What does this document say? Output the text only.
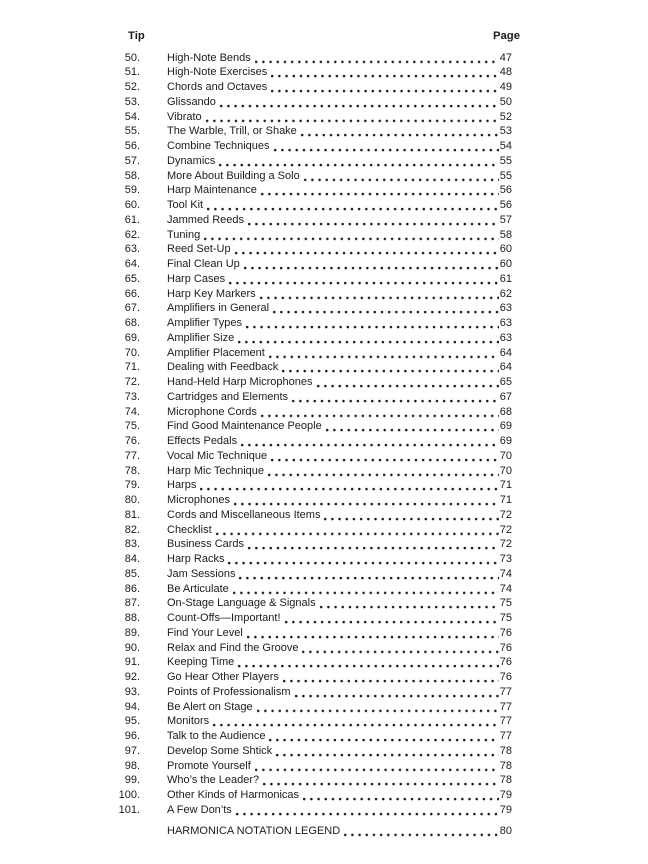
Tip	Page
50. High-Note Bends	47
51. High-Note Exercises	48
52. Chords and Octaves	49
53. Glissando	50
54. Vibrato	52
55. The Warble, Trill, or Shake	53
56. Combine Techniques	54
57. Dynamics	55
58. More About Building a Solo	55
59. Harp Maintenance	56
60. Tool Kit	56
61. Jammed Reeds	57
62. Tuning	58
63. Reed Set-Up	60
64. Final Clean Up	60
65. Harp Cases	61
66. Harp Key Markers	62
67. Amplifiers in General	63
68. Amplifier Types	63
69. Amplifier Size	63
70. Amplifier Placement	64
71. Dealing with Feedback	64
72. Hand-Held Harp Microphones	65
73. Cartridges and Elements	67
74. Microphone Cords	68
75. Find Good Maintenance People	69
76. Effects Pedals	69
77. Vocal Mic Technique	70
78. Harp Mic Technique	70
79. Harps	71
80. Microphones	71
81. Cords and Miscellaneous Items	72
82. Checklist	72
83. Business Cards	72
84. Harp Racks	73
85. Jam Sessions	74
86. Be Articulate	74
87. On-Stage Language & Signals	75
88. Count-Offs—Important!	75
89. Find Your Level	76
90. Relax and Find the Groove	76
91. Keeping Time	76
92. Go Hear Other Players	76
93. Points of Professionalism	77
94. Be Alert on Stage	77
95. Monitors	77
96. Talk to the Audience	77
97. Develop Some Shtick	78
98. Promote Yourself	78
99. Who’s the Leader?	78
100. Other Kinds of Harmonicas	79
101. A Few Don’ts	79
HARMONICA NOTATION LEGEND	80
